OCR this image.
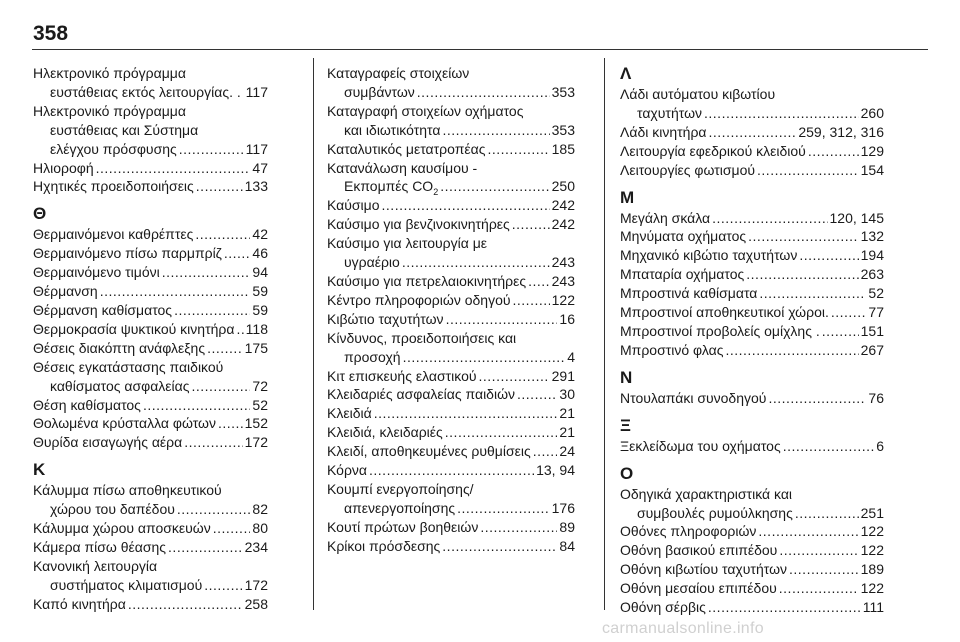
358
Ηλεκτρονικό πρόγραμμα
ευστάθειας εκτός λειτουργίας. . ..... 117
Ηλεκτρονικό πρόγραμμα
ευστάθειας και Σύστημα
ελέγχου πρόσφυσης .....	117
Ηλιοροφή .....	47
Ηχητικές προειδοποιήσεις .....	133
Θ
Θερμαινόμενοι καθρέπτες .....	42
Θερμαινόμενο πίσω παρμπρίζ ..... 46
Θερμαινόμενο τιμόνι .....	94
Θέρμανση .....	59
Θέρμανση καθίσματος .....	59
Θερμοκρασία ψυκτικού κινητήρα ..... 118
Θέσεις διακόπτη ανάφλεξης .....	175
Θέσεις εγκατάστασης παιδικού
καθίσματος ασφαλείας .....	72
Θέση καθίσματος .....	52
Θολωμένα κρύσταλλα φώτων ..... 152
Θυρίδα εισαγωγής αέρα .....	172
Κ
Κάλυμμα πίσω αποθηκευτικού
χώρου του δαπέδου .....	82
Κάλυμμα χώρου αποσκευών .....	80
Κάμερα πίσω θέασης .....	234
Κανονική λειτουργία
συστήματος κλιματισμού .....	172
Καπό κινητήρα .....	258
Καταγραφείς στοιχείων
συμβάντων .....	353
Καταγραφή στοιχείων οχήματος
και ιδιωτικότητα .....	353
Καταλυτικός μετατροπέας .....	185
Κατανάλωση καυσίμου -
Εκπομπές $CO_2$ .....	250
Καύσιμο .....	242
Καύσιμο για βενζινοκινητήρες .....	242
Καύσιμο για λειτουργία με
υγραέριο .....	243
Καύσιμο για πετρελαιοκινητήρες ..... 243
Κέντρο πληροφοριών οδηγού .....	122
Κιβώτιο ταχυτήτων .....	16
Κίνδυνος, προειδοποιήσεις και
προσοχή .....	4
Κιτ επισκευής ελαστικού .....	291
Κλειδαριές ασφαλείας παιδιών .....	30
Κλειδιά .....	21
Κλειδιά, κλειδαριές .....	21
Κλειδί, αποθηκευμένες ρυθμίσεις ..... 24
Κόρνα .....	13, 94
Κουμπί ενεργοποίησης/
απενεργοποίησης .....	176
Κουτί πρώτων βοηθειών .....	89
Κρίκοι πρόσδεσης .....	84
Λ
Λάδι αυτόματου κιβωτίου
ταχυτήτων .....	260
Λάδι κινητήρα .....	259, 312, 316
Λειτουργία εφεδρικού κλειδιού .....	129
Λειτουργίες φωτισμού .....	154
Μ
Μεγάλη σκάλα .....	120, 145
Μηνύματα οχήματος .....	132
Μηχανικό κιβώτιο ταχυτήτων .....	194
Μπαταρία οχήματος .....	263
Μπροστινά καθίσματα .....	52
Μπροστινοί αποθηκευτικοί χώροι. .....	77
Μπροστινοί προβολείς ομίχλης . .....	151
Μπροστινό φλας .....	267
Ν
Ντουλαπάκι συνοδηγού .....	76
Ξ
Ξεκλείδωμα του οχήματος .....	6
Ο
Οδηγικά χαρακτηριστικά και
συμβουλές ρυμούλκησης .....	251
Οθόνες πληροφοριών .....	122
Οθόνη βασικού επιπέδου .....	122
Οθόνη κιβωτίου ταχυτήτων .....	189
Οθόνη μεσαίου επιπέδου .....	122
Οθόνη σέρβις .....	111
carmanualsonline.info
